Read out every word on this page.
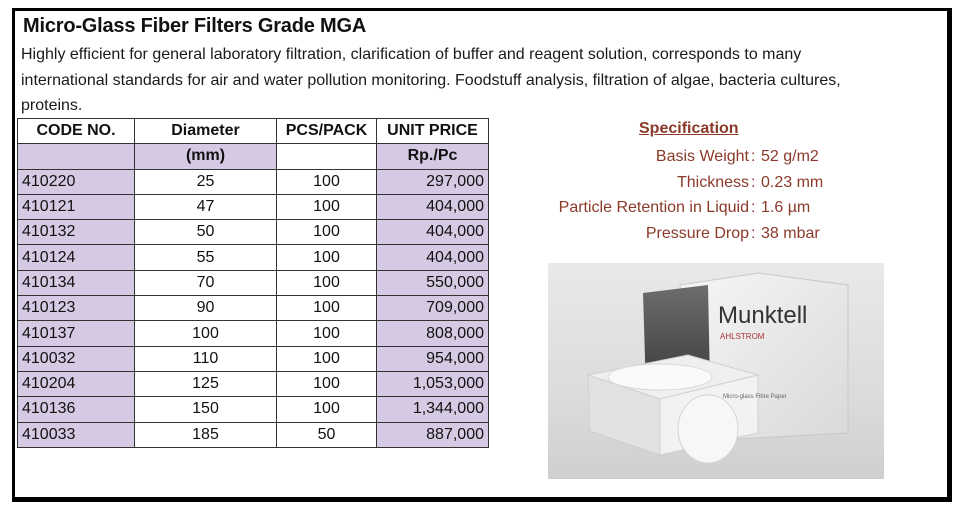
Micro-Glass Fiber Filters Grade MGA
Highly efficient for general laboratory filtration, clarification of buffer and reagent solution, corresponds to many international standards for air and water pollution monitoring. Foodstuff analysis, filtration of algae, bacteria cultures, proteins.
CODE NO.	Diameter	PCS/PACK	UNIT PRICE
	(mm)		Rp./Pc
410220	25	100	297,000
410121	47	100	404,000
410132	50	100	404,000
410124	55	100	404,000
410134	70	100	550,000
410123	90	100	709,000
410137	100	100	808,000
410032	110	100	954,000
410204	125	100	1,053,000
410136	150	100	1,344,000
410033	185	50	887,000
Specification
Basis Weight : 52 g/m2
Thickness : 0.23 mm
Particle Retention in Liquid : 1.6 µm
Pressure Drop : 38 mbar
Munktell
AHLSTROM
Micro-glass Fibre Paper
